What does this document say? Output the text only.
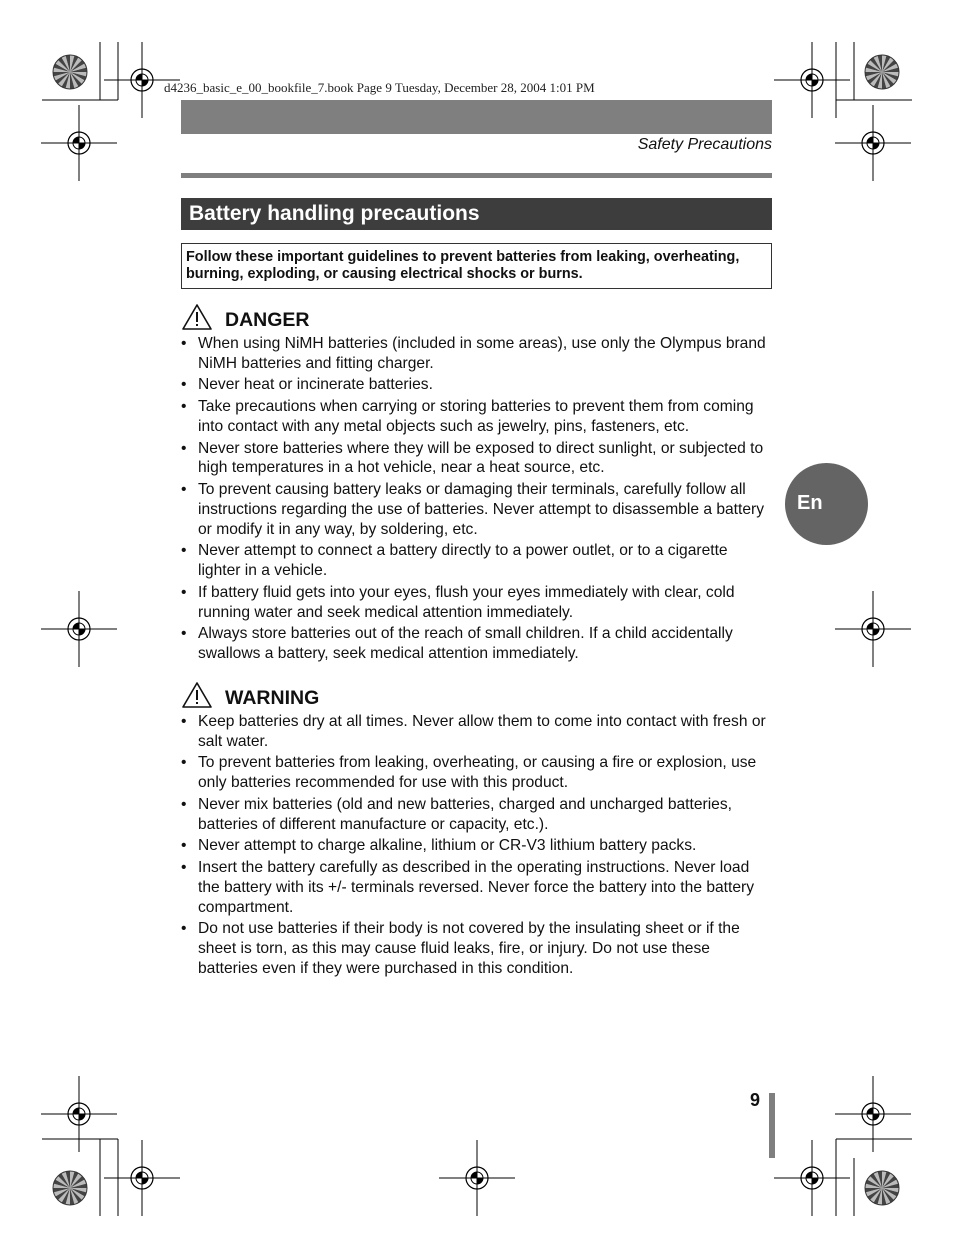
d4236_basic_e_00_bookfile_7.book Page 9 Tuesday, December 28, 2004 1:01 PM
Safety Precautions
Battery handling precautions
Follow these important guidelines to prevent batteries from leaking, overheating, burning, exploding, or causing electrical shocks or burns.
DANGER
• When using NiMH batteries (included in some areas), use only the Olympus brand NiMH batteries and fitting charger.
• Never heat or incinerate batteries.
• Take precautions when carrying or storing batteries to prevent them from coming into contact with any metal objects such as jewelry, pins, fasteners, etc.
• Never store batteries where they will be exposed to direct sunlight, or subjected to high temperatures in a hot vehicle, near a heat source, etc.
• To prevent causing battery leaks or damaging their terminals, carefully follow all instructions regarding the use of batteries. Never attempt to disassemble a battery or modify it in any way, by soldering, etc.
• Never attempt to connect a battery directly to a power outlet, or to a cigarette lighter in a vehicle.
• If battery fluid gets into your eyes, flush your eyes immediately with clear, cold running water and seek medical attention immediately.
• Always store batteries out of the reach of small children. If a child accidentally swallows a battery, seek medical attention immediately.
WARNING
• Keep batteries dry at all times. Never allow them to come into contact with fresh or salt water.
• To prevent batteries from leaking, overheating, or causing a fire or explosion, use only batteries recommended for use with this product.
• Never mix batteries (old and new batteries, charged and uncharged batteries, batteries of different manufacture or capacity, etc.).
• Never attempt to charge alkaline, lithium or CR-V3 lithium battery packs.
• Insert the battery carefully as described in the operating instructions. Never load the battery with its +/- terminals reversed. Never force the battery into the battery compartment.
• Do not use batteries if their body is not covered by the insulating sheet or if the sheet is torn, as this may cause fluid leaks, fire, or injury. Do not use these batteries even if they were purchased in this condition.
En
9
